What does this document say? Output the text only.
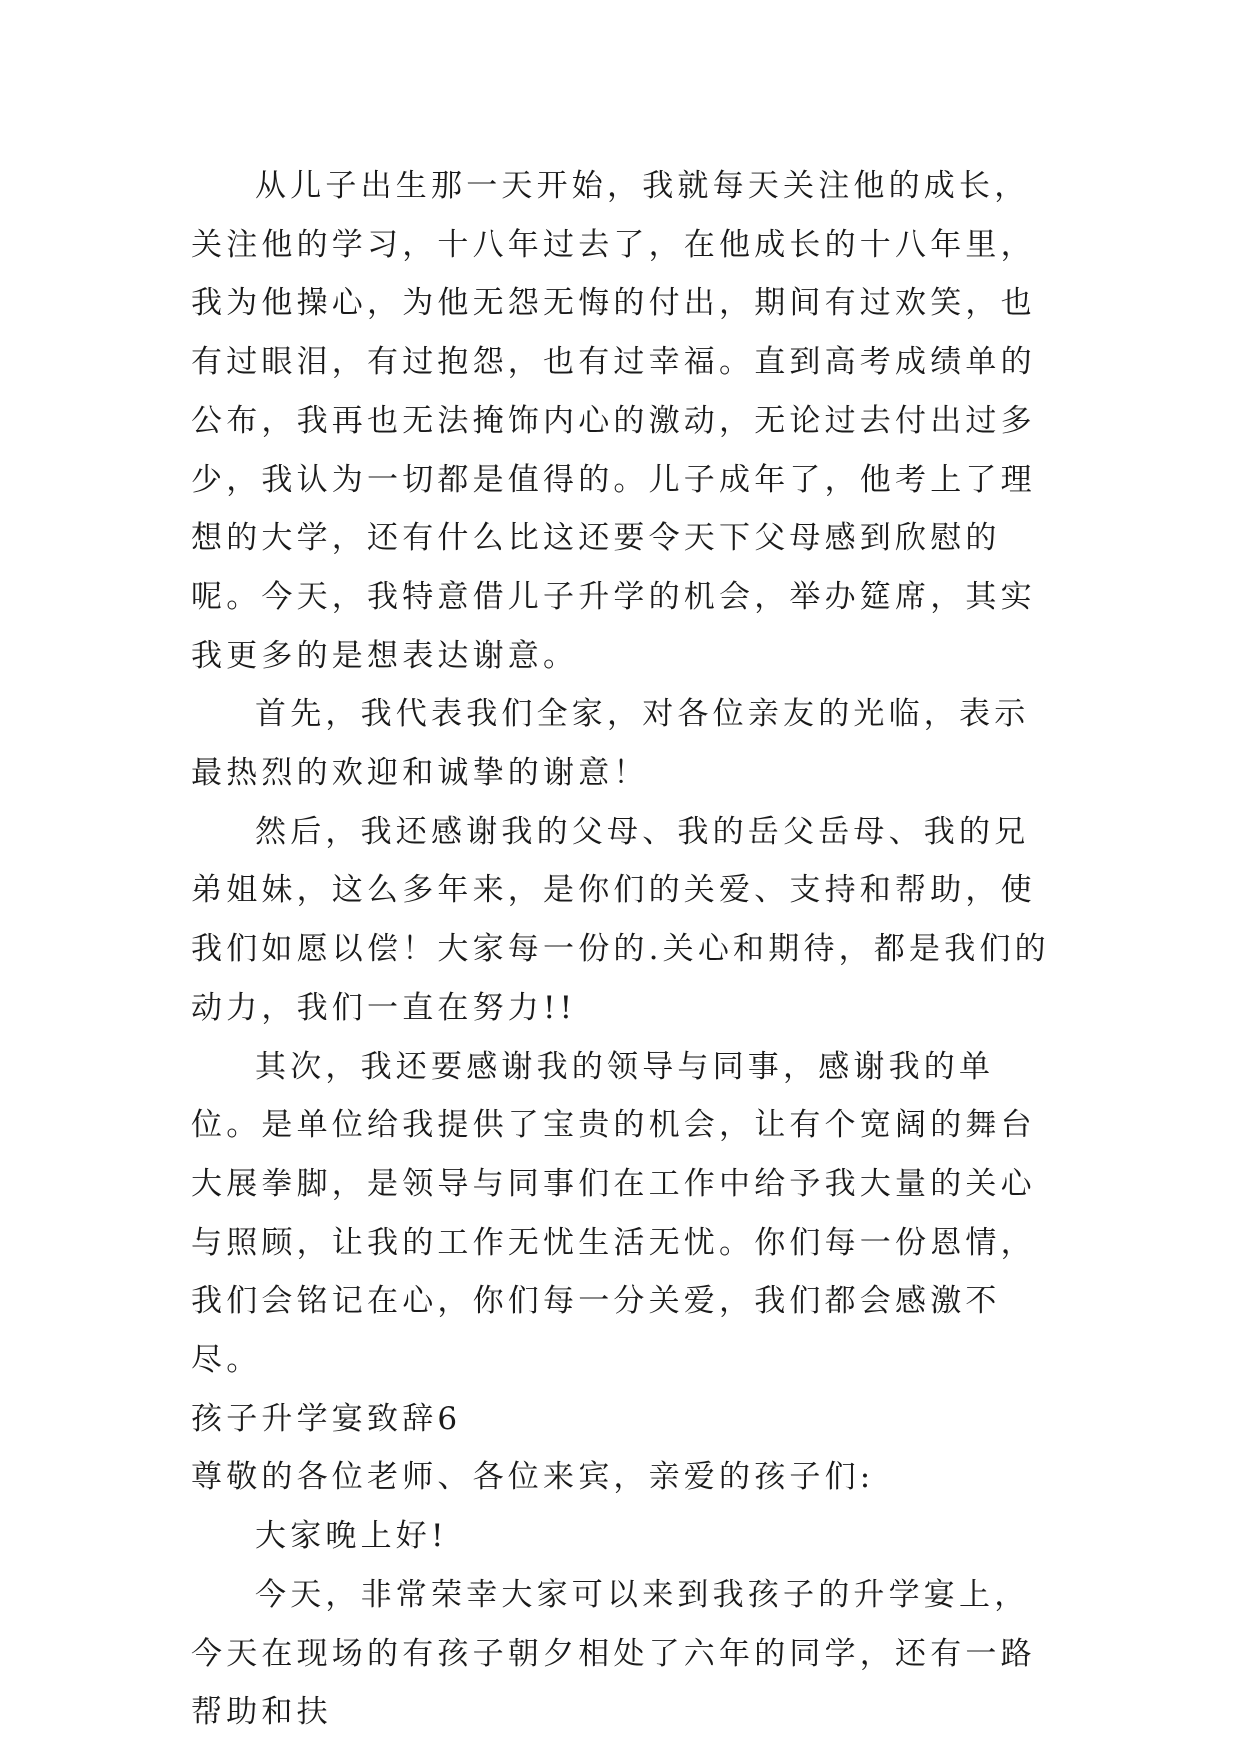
从儿子出生那一天开始，我就每天关注他的成长，关注他的学习，十八年过去了，在他成长的十八年里，我为他操心，为他无怨无悔的付出，期间有过欢笑，也有过眼泪，有过抱怨，也有过幸福。直到高考成绩单的公布，我再也无法掩饰内心的激动，无论过去付出过多少，我认为一切都是值得的。儿子成年了，他考上了理想的大学，还有什么比这还要令天下父母感到欣慰的呢。今天，我特意借儿子升学的机会，举办筵席，其实我更多的是想表达谢意。

首先，我代表我们全家，对各位亲友的光临，表示最热烈的欢迎和诚挚的谢意！

然后，我还感谢我的父母、我的岳父岳母、我的兄弟姐妹，这么多年来，是你们的关爱、支持和帮助，使我们如愿以偿！大家每一份的.关心和期待，都是我们的动力，我们一直在努力!!

其次，我还要感谢我的领导与同事，感谢我的单位。是单位给我提供了宝贵的机会，让有个宽阔的舞台大展拳脚，是领导与同事们在工作中给予我大量的关心与照顾，让我的工作无忧生活无忧。你们每一份恩情，我们会铭记在心，你们每一分关爱，我们都会感激不尽。

孩子升学宴致辞6

尊敬的各位老师、各位来宾，亲爱的孩子们:

大家晚上好!

今天，非常荣幸大家可以来到我孩子的升学宴上，今天在现场的有孩子朝夕相处了六年的同学，还有一路帮助和扶
